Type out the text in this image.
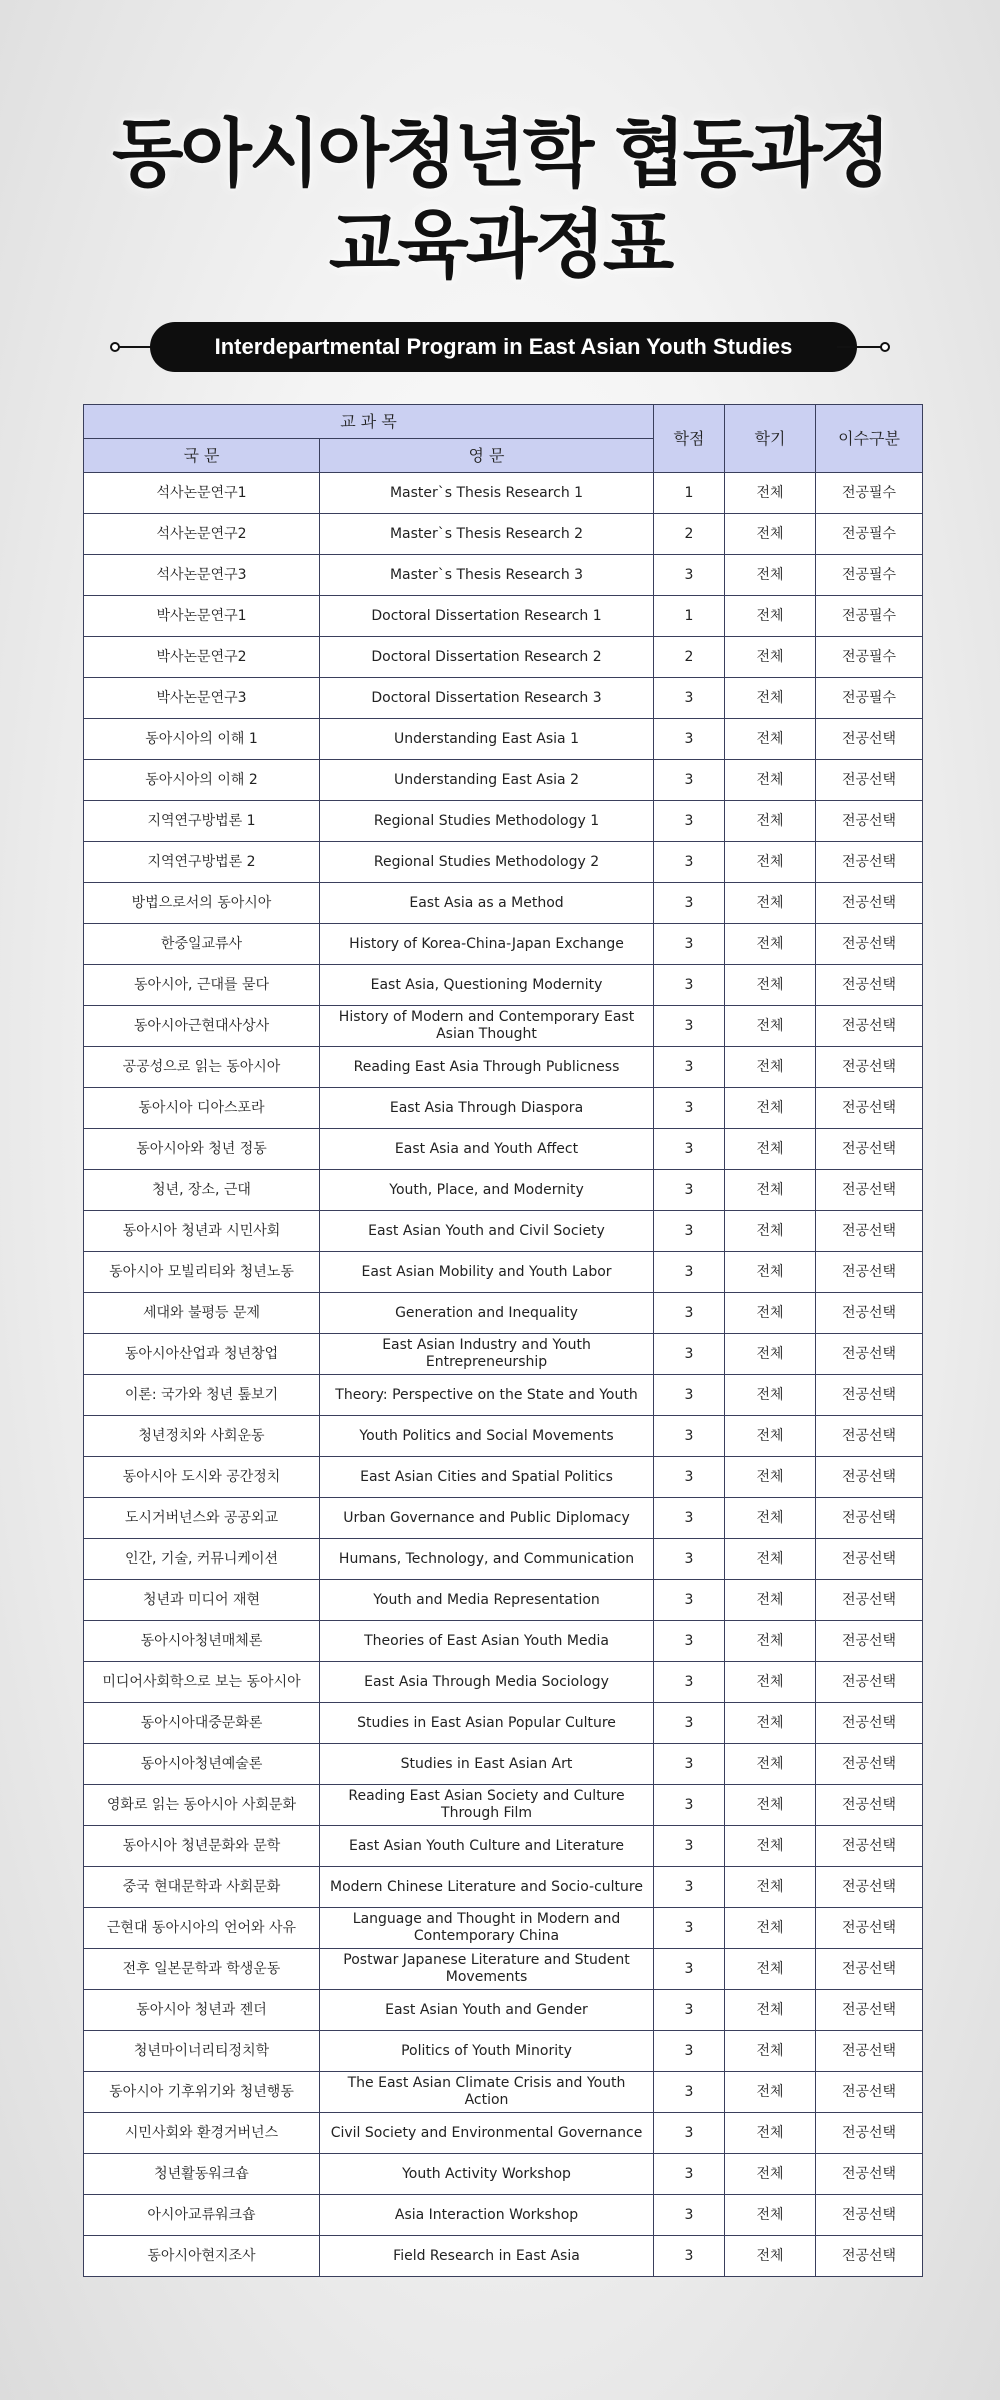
동아시아청년학 협동과정
교육과정표
Interdepartmental Program in East Asian Youth Studies
교 과 목		학점	학기	이수구분
국 문	영 문			
석사논문연구1	Master`s Thesis Research 1	1	전체	전공필수
석사논문연구2	Master`s Thesis Research 2	2	전체	전공필수
석사논문연구3	Master`s Thesis Research 3	3	전체	전공필수
박사논문연구1	Doctoral Dissertation Research 1	1	전체	전공필수
박사논문연구2	Doctoral Dissertation Research 2	2	전체	전공필수
박사논문연구3	Doctoral Dissertation Research 3	3	전체	전공필수
동아시아의 이해 1	Understanding East Asia 1	3	전체	전공선택
동아시아의 이해 2	Understanding East Asia 2	3	전체	전공선택
지역연구방법론 1	Regional Studies Methodology 1	3	전체	전공선택
지역연구방법론 2	Regional Studies Methodology 2	3	전체	전공선택
방법으로서의 동아시아	East Asia as a Method	3	전체	전공선택
한중일교류사	History of Korea-China-Japan Exchange	3	전체	전공선택
동아시아, 근대를 묻다	East Asia, Questioning Modernity	3	전체	전공선택
동아시아근현대사상사	History of Modern and Contemporary East Asian Thought	3	전체	전공선택
공공성으로 읽는 동아시아	Reading East Asia Through Publicness	3	전체	전공선택
동아시아 디아스포라	East Asia Through Diaspora	3	전체	전공선택
동아시아와 청년 정동	East Asia and Youth Affect	3	전체	전공선택
청년, 장소, 근대	Youth, Place, and Modernity	3	전체	전공선택
동아시아 청년과 시민사회	East Asian Youth and Civil Society	3	전체	전공선택
동아시아 모빌리티와 청년노동	East Asian Mobility and Youth Labor	3	전체	전공선택
세대와 불평등 문제	Generation and Inequality	3	전체	전공선택
동아시아산업과 청년창업	East Asian Industry and Youth Entrepreneurship	3	전체	전공선택
이론: 국가와 청년 톺보기	Theory: Perspective on the State and Youth	3	전체	전공선택
청년정치와 사회운동	Youth Politics and Social Movements	3	전체	전공선택
동아시아 도시와 공간정치	East Asian Cities and Spatial Politics	3	전체	전공선택
도시거버넌스와 공공외교	Urban Governance and Public Diplomacy	3	전체	전공선택
인간, 기술, 커뮤니케이션	Humans, Technology, and Communication	3	전체	전공선택
청년과 미디어 재현	Youth and Media Representation	3	전체	전공선택
동아시아청년매체론	Theories of East Asian Youth Media	3	전체	전공선택
미디어사회학으로 보는 동아시아	East Asia Through Media Sociology	3	전체	전공선택
동아시아대중문화론	Studies in East Asian Popular Culture	3	전체	전공선택
동아시아청년예술론	Studies in East Asian Art	3	전체	전공선택
영화로 읽는 동아시아 사회문화	Reading East Asian Society and Culture Through Film	3	전체	전공선택
동아시아 청년문화와 문학	East Asian Youth Culture and Literature	3	전체	전공선택
중국 현대문학과 사회문화	Modern Chinese Literature and Socio-culture	3	전체	전공선택
근현대 동아시아의 언어와 사유	Language and Thought in Modern and Contemporary China	3	전체	전공선택
전후 일본문학과 학생운동	Postwar Japanese Literature and Student Movements	3	전체	전공선택
동아시아 청년과 젠더	East Asian Youth and Gender	3	전체	전공선택
청년마이너리티정치학	Politics of Youth Minority	3	전체	전공선택
동아시아 기후위기와 청년행동	The East Asian Climate Crisis and Youth Action	3	전체	전공선택
시민사회와 환경거버넌스	Civil Society and Environmental Governance	3	전체	전공선택
청년활동워크숍	Youth Activity Workshop	3	전체	전공선택
아시아교류워크숍	Asia Interaction Workshop	3	전체	전공선택
동아시아현지조사	Field Research in East Asia	3	전체	전공선택
